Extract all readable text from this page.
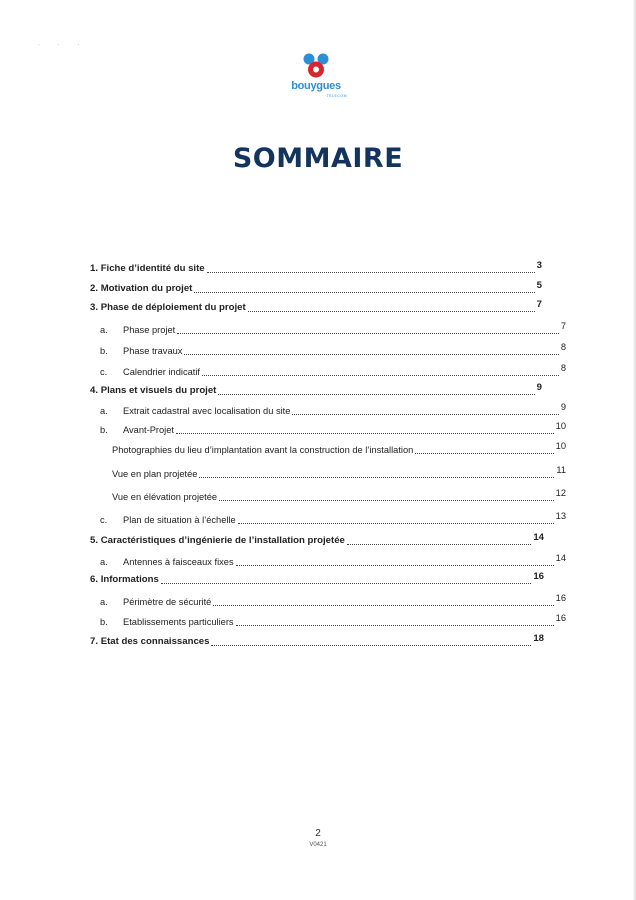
· · ·
bouygues
TELECOM
SOMMAIRE
1. Fiche d’identité du site	3
2. Motivation du projet	5
3. Phase de déploiement du projet	7
a. Phase projet	7
b. Phase travaux	8
c. Calendrier indicatif	8
4. Plans et visuels du projet	9
a. Extrait cadastral avec localisation du site	9
b. Avant-Projet	10
Photographies du lieu d’implantation avant la construction de l’installation	10
Vue en plan projetée	11
Vue en élévation projetée	12
c. Plan de situation à l’échelle	13
5. Caractéristiques d’ingénierie de l’installation projetée	14
a. Antennes à faisceaux fixes	14
6. Informations	16
a. Périmètre de sécurité	16
b. Etablissements particuliers	16
7. Etat des connaissances	18
2
V0421
